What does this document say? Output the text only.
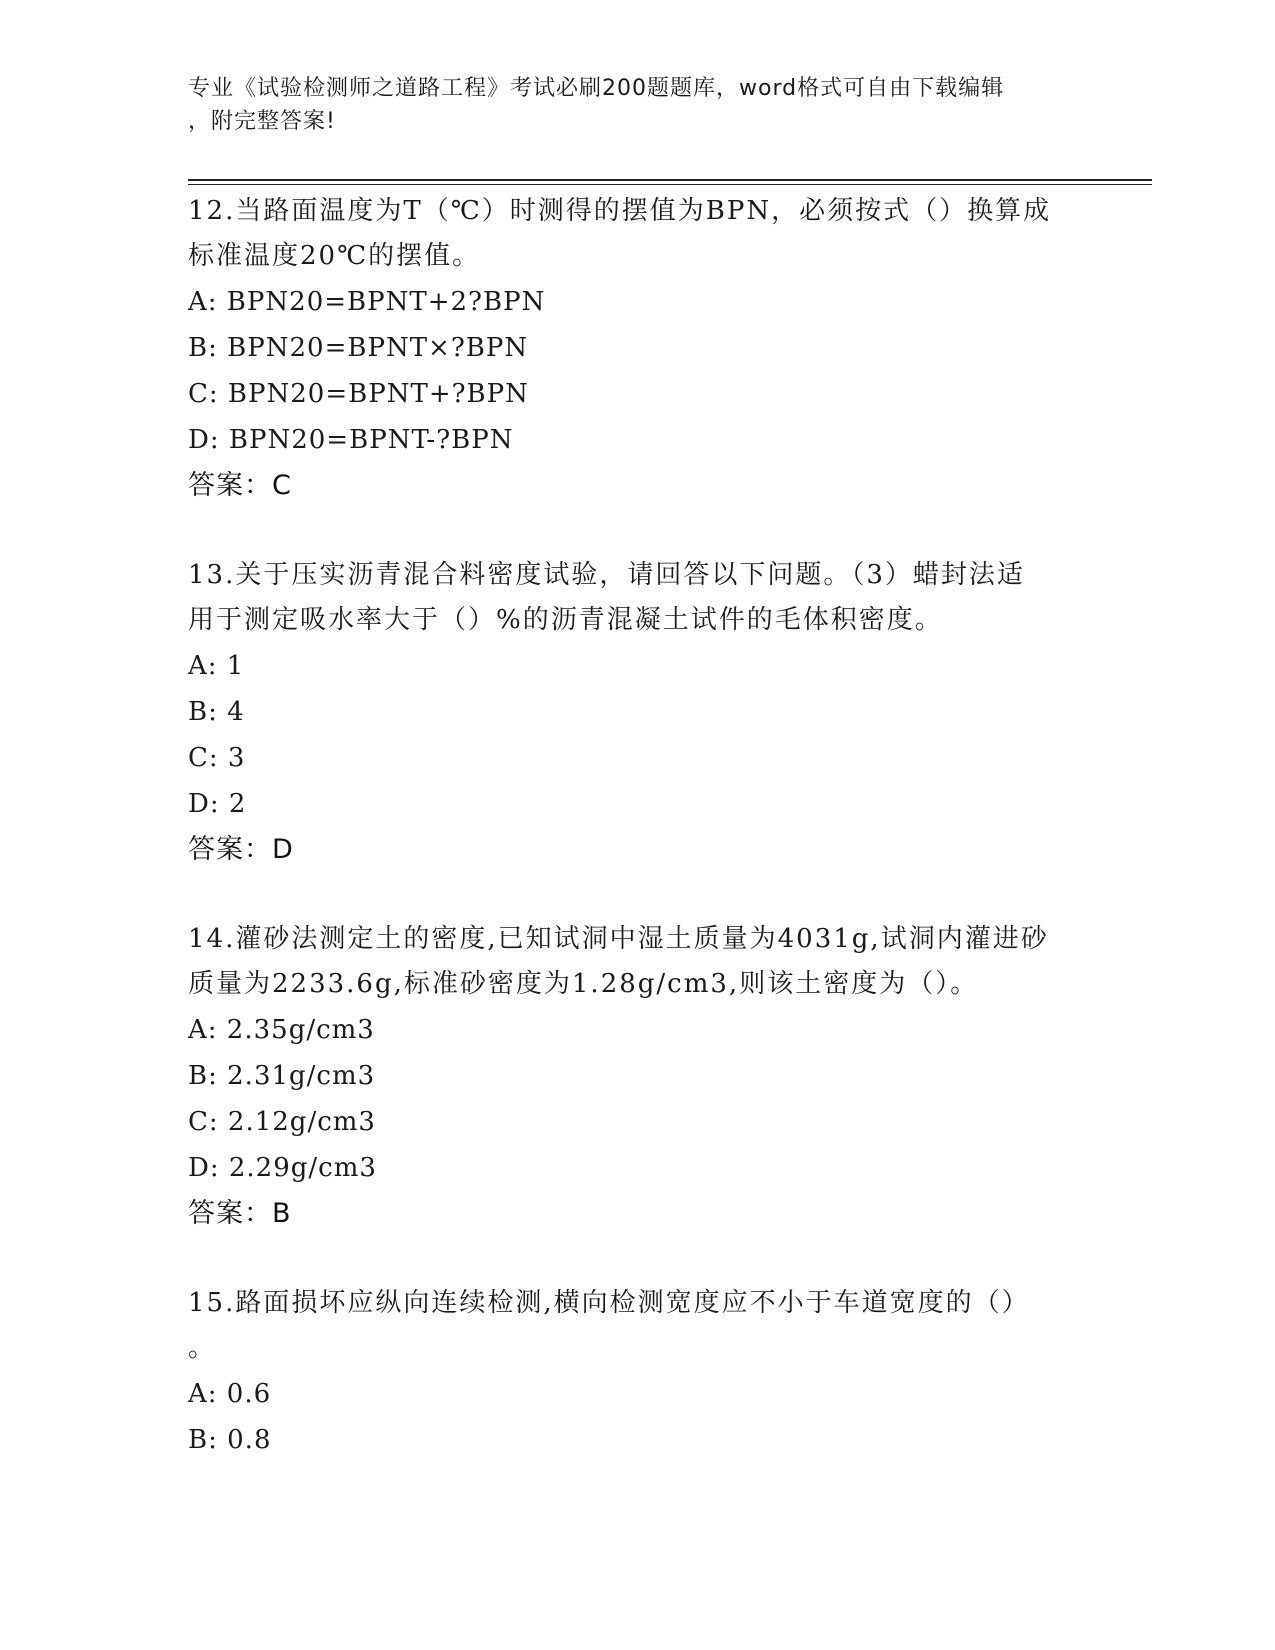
专业《试验检测师之道路工程》考试必刷200题题库，word格式可自由下载编辑
，附完整答案!

12.当路面温度为T（℃）时测得的摆值为BPN，必须按式（）换算成

标准温度20℃的摆值。

A: BPN20=BPNT+2?BPN

B: BPN20=BPNT×?BPN

C: BPN20=BPNT+?BPN

D: BPN20=BPNT-?BPN

答案：C

13.关于压实沥青混合料密度试验，请回答以下问题。（3）蜡封法适

用于测定吸水率大于（）%的沥青混凝土试件的毛体积密度。

A: 1

B: 4

C: 3

D: 2

答案：D

14.灌砂法测定土的密度,已知试洞中湿土质量为4031g,试洞内灌进砂

质量为2233.6g,标准砂密度为1.28g/cm3,则该土密度为（）。

A: 2.35g/cm3

B: 2.31g/cm3

C: 2.12g/cm3

D: 2.29g/cm3

答案：B

15.路面损坏应纵向连续检测,横向检测宽度应不小于车道宽度的（）

。

A: 0.6

B: 0.8
